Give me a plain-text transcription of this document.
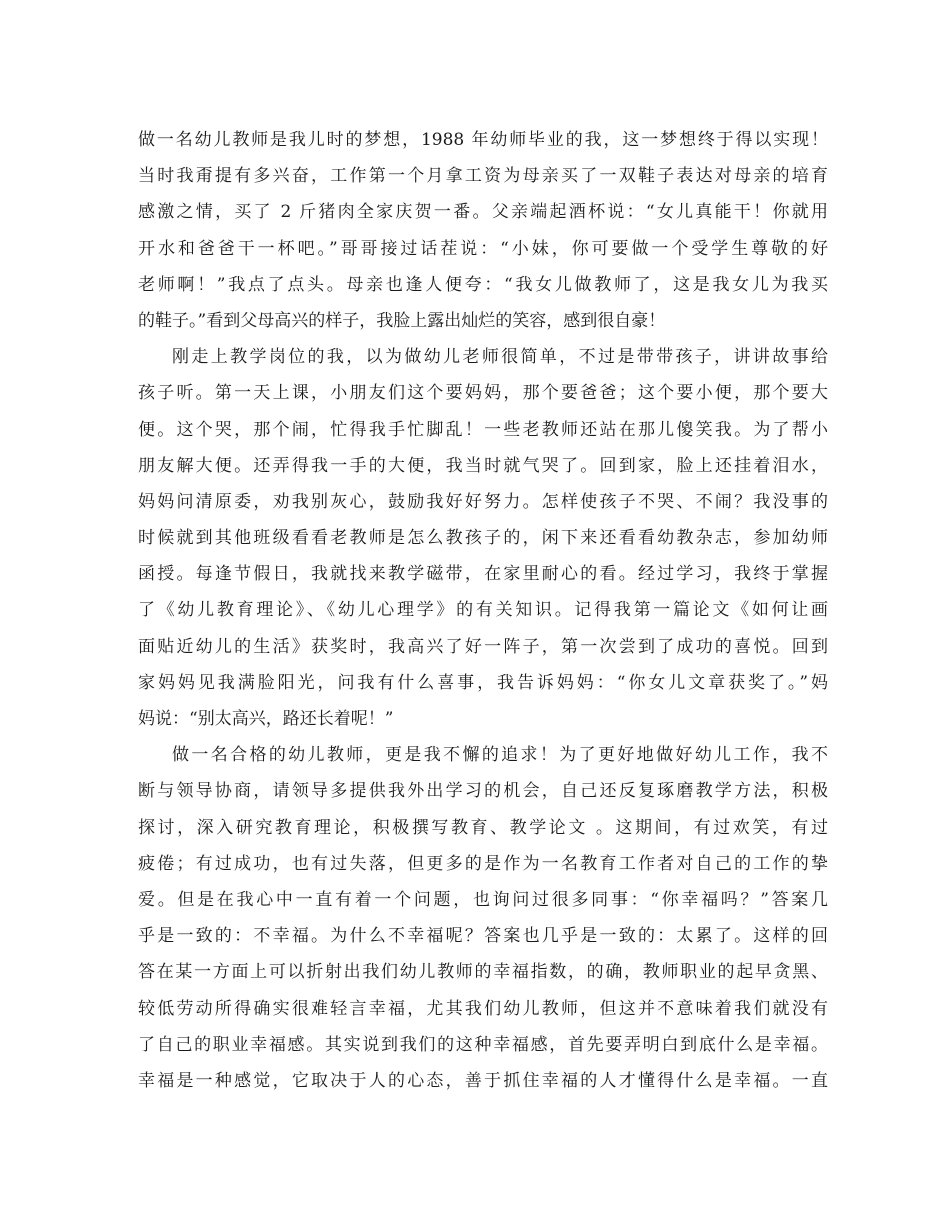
做一名幼儿教师是我儿时的梦想，1988 年幼师毕业的我，这一梦想终于得以实现！
当时我甭提有多兴奋，工作第一个月拿工资为母亲买了一双鞋子表达对母亲的培育
感激之情，买了 2 斤猪肉全家庆贺一番。父亲端起酒杯说：“女儿真能干！你就用
开水和爸爸干一杯吧。”哥哥接过话茬说：“小妹，你可要做一个受学生尊敬的好
老师啊！”我点了点头。母亲也逢人便夸：“我女儿做教师了，这是我女儿为我买
的鞋子。”看到父母高兴的样子，我脸上露出灿烂的笑容，感到很自豪！
刚走上教学岗位的我，以为做幼儿老师很简单，不过是带带孩子，讲讲故事给
孩子听。第一天上课，小朋友们这个要妈妈，那个要爸爸；这个要小便，那个要大
便。这个哭，那个闹，忙得我手忙脚乱！一些老教师还站在那儿傻笑我。为了帮小
朋友解大便。还弄得我一手的大便，我当时就气哭了。回到家，脸上还挂着泪水，
妈妈问清原委，劝我别灰心，鼓励我好好努力。怎样使孩子不哭、不闹？我没事的
时候就到其他班级看看老教师是怎么教孩子的，闲下来还看看幼教杂志，参加幼师
函授。每逢节假日，我就找来教学磁带，在家里耐心的看。经过学习，我终于掌握
了《幼儿教育理论》、《幼儿心理学》的有关知识。记得我第一篇论文《如何让画
面贴近幼儿的生活》获奖时，我高兴了好一阵子，第一次尝到了成功的喜悦。回到
家妈妈见我满脸阳光，问我有什么喜事，我告诉妈妈：“你女儿文章获奖了。”妈
妈说：“别太高兴，路还长着呢！”
做一名合格的幼儿教师，更是我不懈的追求！为了更好地做好幼儿工作，我不
断与领导协商，请领导多提供我外出学习的机会，自己还反复琢磨教学方法，积极
探讨，深入研究教育理论，积极撰写教育、教学论文 。这期间，有过欢笑，有过
疲倦；有过成功，也有过失落，但更多的是作为一名教育工作者对自己的工作的挚
爱。但是在我心中一直有着一个问题，也询问过很多同事：“你幸福吗？”答案几
乎是一致的：不幸福。为什么不幸福呢？答案也几乎是一致的：太累了。这样的回
答在某一方面上可以折射出我们幼儿教师的幸福指数，的确，教师职业的起早贪黑、
较低劳动所得确实很难轻言幸福，尤其我们幼儿教师，但这并不意味着我们就没有
了自己的职业幸福感。其实说到我们的这种幸福感，首先要弄明白到底什么是幸福。
幸福是一种感觉，它取决于人的心态，善于抓住幸福的人才懂得什么是幸福。一直
